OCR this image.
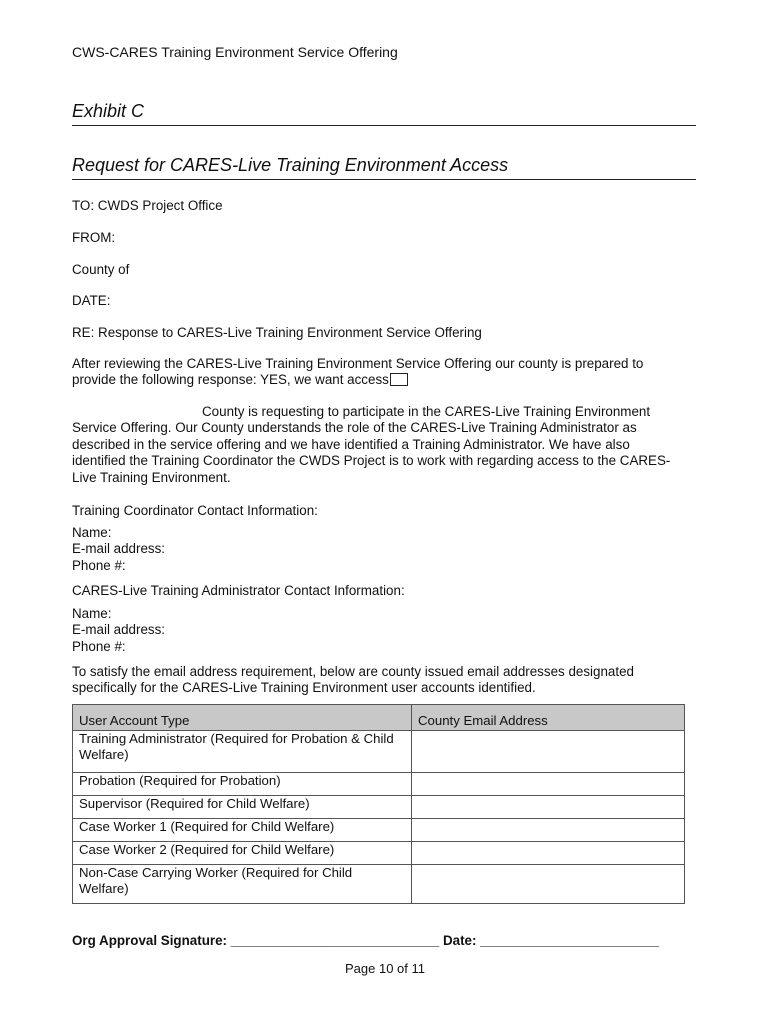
CWS-CARES Training Environment Service Offering
Exhibit C
Request for CARES-Live Training Environment Access
TO: CWDS Project Office
FROM:
County of
DATE:
RE: Response to CARES-Live Training Environment Service Offering
After reviewing the CARES-Live Training Environment Service Offering our county is prepared to provide the following response: YES, we want access
County is requesting to participate in the CARES-Live Training Environment Service Offering. Our County understands the role of the CARES-Live Training Administrator as described in the service offering and we have identified a Training Administrator. We have also identified the Training Coordinator the CWDS Project is to work with regarding access to the CARES-Live Training Environment.
Training Coordinator Contact Information:
Name:
E-mail address:
Phone #:
CARES-Live Training Administrator Contact Information:
Name:
E-mail address:
Phone #:
To satisfy the email address requirement, below are county issued email addresses designated specifically for the CARES-Live Training Environment user accounts identified.
User Account Type	County Email Address
Training Administrator (Required for Probation & Child Welfare)	
Probation (Required for Probation)	
Supervisor (Required for Child Welfare)	
Case Worker 1 (Required for Child Welfare)	
Case Worker 2 (Required for Child Welfare)	
Non-Case Carrying Worker (Required for Child Welfare)	
Org Approval Signature: ____________________________ Date: ________________________
Page 10 of 11
